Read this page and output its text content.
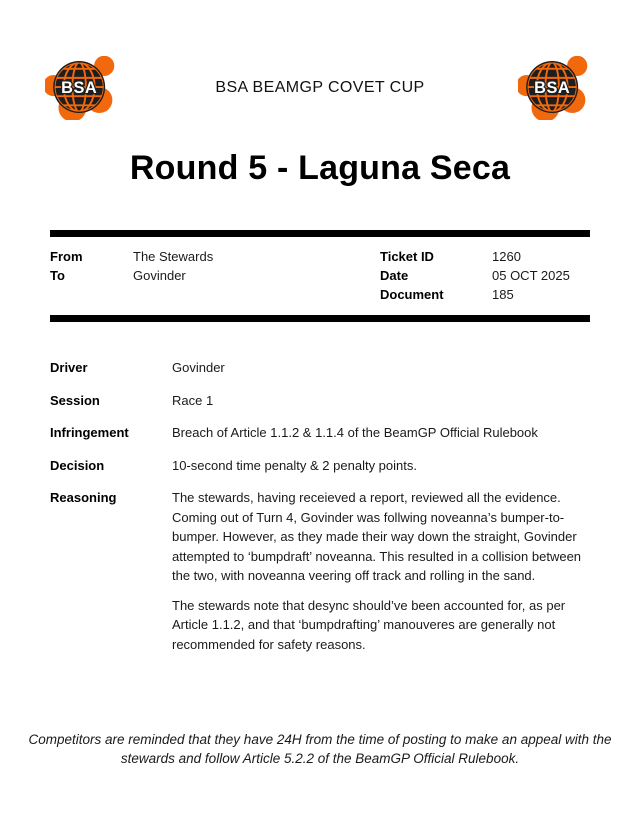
BSA	BSA BEAMGP COVET CUP	BSA
Round 5 - Laguna Seca
From	The Stewards
To	Govinder
Ticket ID	1260
Date	05 OCT 2025
Document	185
Driver	Govinder

Session	Race 1

Infringement	Breach of Article 1.1.2 & 1.1.4 of the BeamGP Official Rulebook

Decision	10-second time penalty & 2 penalty points.

Reasoning	The stewards, having receieved a report, reviewed all the evidence. Coming out of Turn 4, Govinder was follwing noveanna’s bumper-to-bumper. However, as they made their way down the straight, Govinder attempted to ‘bumpdraft’ noveanna. This resulted in a collision between the two, with noveanna veering off track and rolling in the sand.

The stewards note that desync should’ve been accounted for, as per Article 1.1.2, and that ‘bumpdrafting’ manouveres are generally not recommended for safety reasons.

Competitors are reminded that they have 24H from the time of posting to make an appeal with the stewards and follow Article 5.2.2 of the BeamGP Official Rulebook.
